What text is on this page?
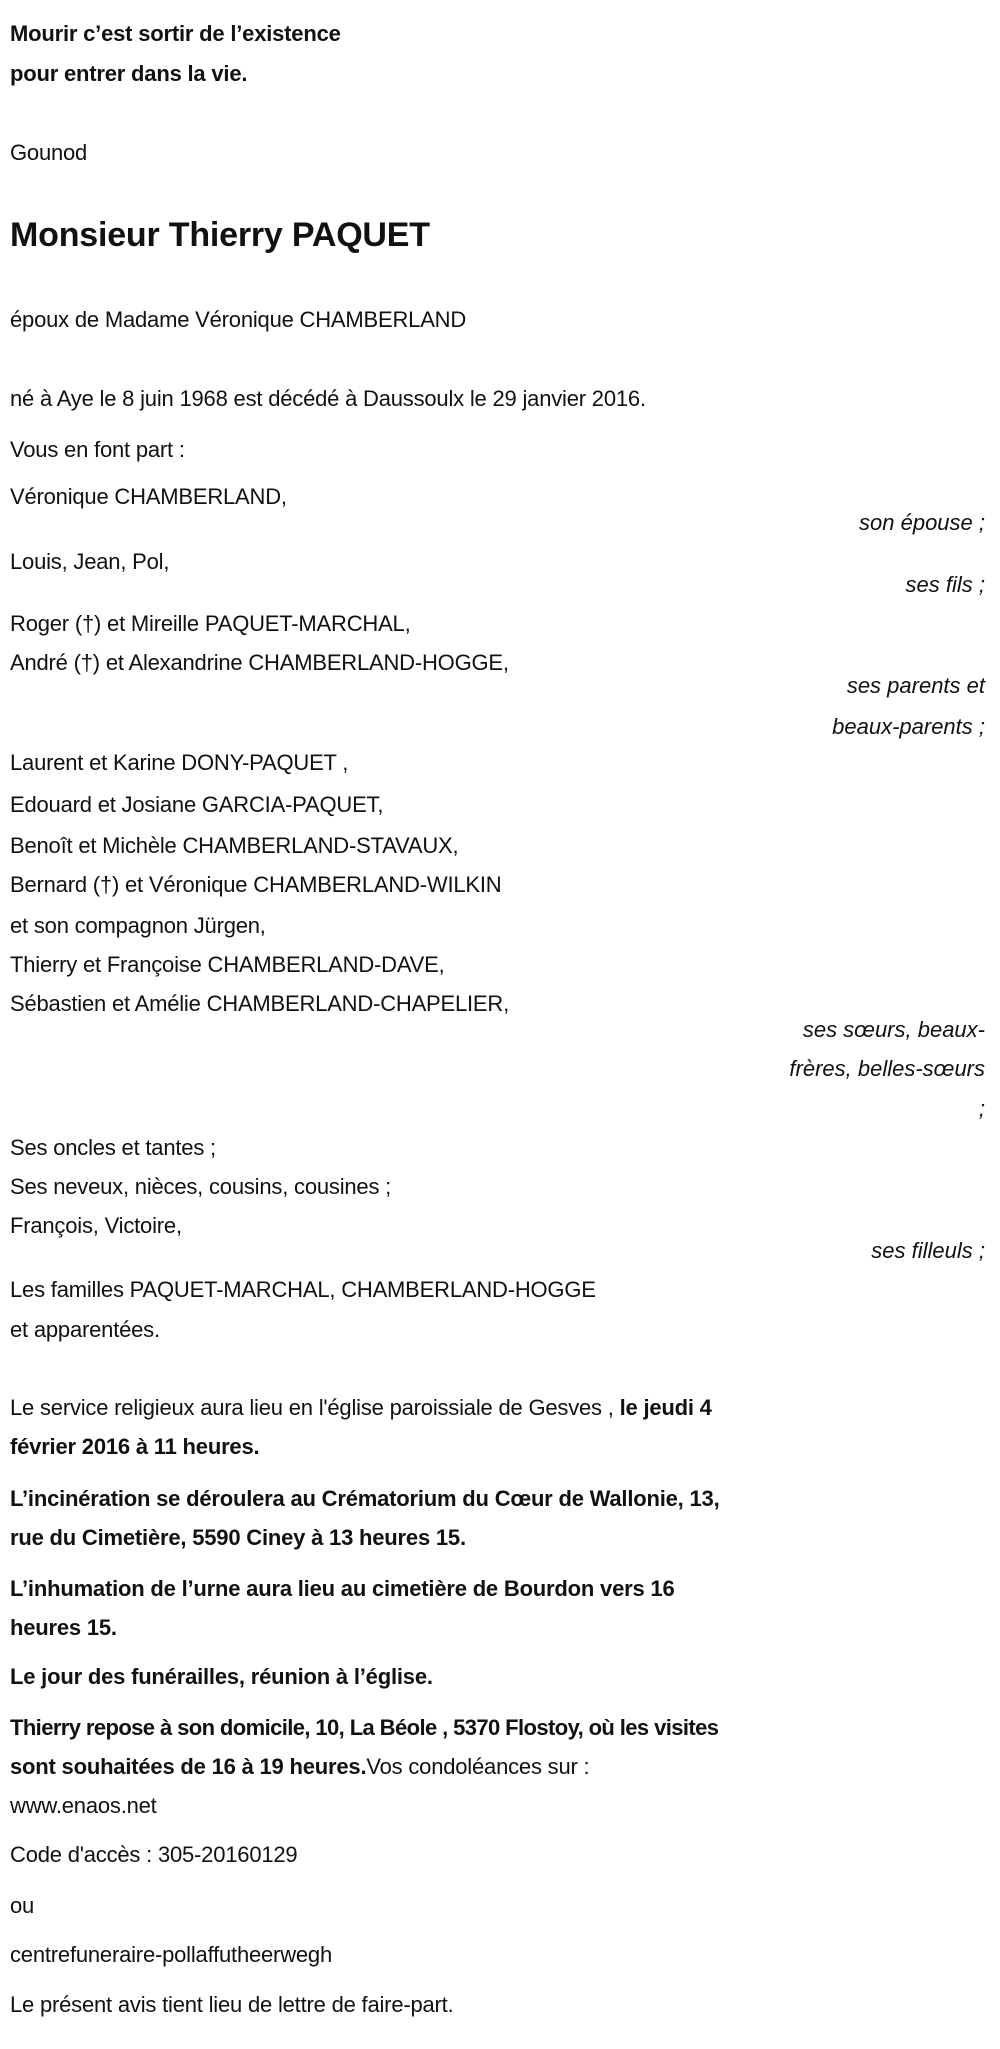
Mourir c’est sortir de l’existence
pour entrer dans la vie.
Gounod
Monsieur Thierry PAQUET
époux de Madame Véronique CHAMBERLAND
né à Aye le 8 juin 1968 est décédé à Daussoulx le 29 janvier 2016.
Vous en font part :
Véronique CHAMBERLAND,
son épouse ;
Louis, Jean, Pol,
ses fils ;
Roger (†) et Mireille PAQUET-MARCHAL,
André (†) et Alexandrine CHAMBERLAND-HOGGE,
ses parents et
beaux-parents ;
Laurent et Karine DONY-PAQUET ,
Edouard et Josiane GARCIA-PAQUET,
Benoît et Michèle CHAMBERLAND-STAVAUX,
Bernard (†) et Véronique CHAMBERLAND-WILKIN
et son compagnon Jürgen,
Thierry et Françoise CHAMBERLAND-DAVE,
Sébastien et Amélie CHAMBERLAND-CHAPELIER,
ses sœurs, beaux-
frères, belles-sœurs
;
Ses oncles et tantes ;
Ses neveux, nièces, cousins, cousines ;
François, Victoire,
ses filleuls ;
Les familles PAQUET-MARCHAL, CHAMBERLAND-HOGGE
et apparentées.
Le service religieux aura lieu en l'église paroissiale de Gesves , le jeudi 4
février 2016 à 11 heures.
L’incinération se déroulera au Crématorium du Cœur de Wallonie, 13,
rue du Cimetière, 5590 Ciney à 13 heures 15.
L’inhumation de l’urne aura lieu au cimetière de Bourdon vers 16
heures 15.
Le jour des funérailles, réunion à l’église.
Thierry repose à son domicile, 10, La Béole , 5370 Flostoy, où les visites
sont souhaitées de 16 à 19 heures.Vos condoléances sur :
www.enaos.net
Code d'accès : 305-20160129
ou
centrefuneraire-pollaffutheerwegh
Le présent avis tient lieu de lettre de faire-part.
